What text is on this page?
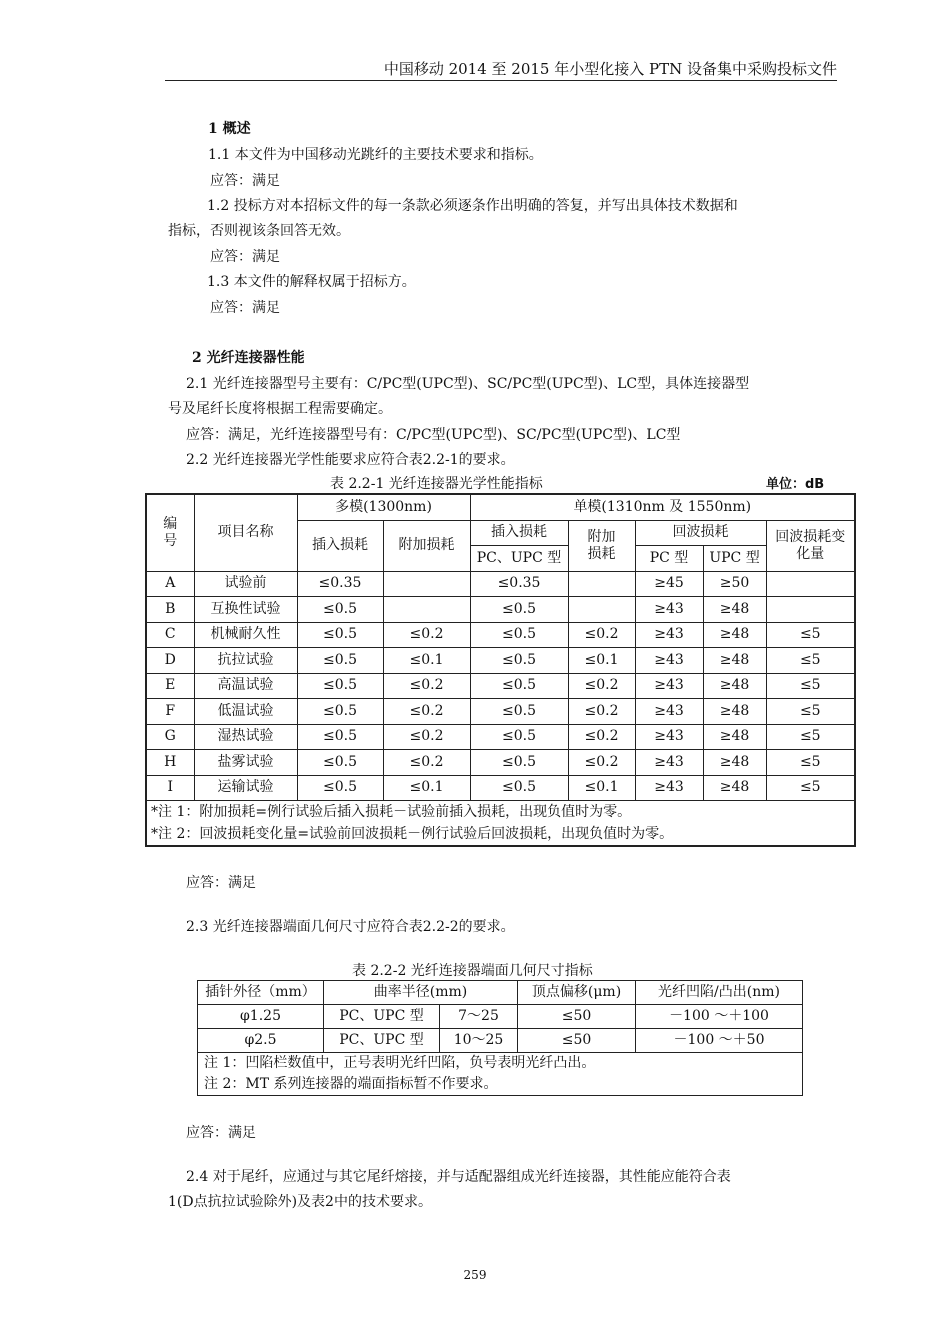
中国移动 2014 至 2015 年小型化接入 PTN 设备集中采购投标文件
1 概述
1.1 本文件为中国移动光跳纤的主要技术要求和指标。
应答：满足
1.2 投标方对本招标文件的每一条款必须逐条作出明确的答复，并写出具体技术数据和
指标，否则视该条回答无效。
应答：满足
1.3 本文件的解释权属于招标方。
应答：满足
2 光纤连接器性能
2.1 光纤连接器型号主要有：C/PC型(UPC型)、SC/PC型(UPC型)、LC型，具体连接器型
号及尾纤长度将根据工程需要确定。
应答：满足，光纤连接器型号有：C/PC型(UPC型)、SC/PC型(UPC型)、LC型
2.2 光纤连接器光学性能要求应符合表2.2-1的要求。
表 2.2-1 光纤连接器光学性能指标	单位：dB
编号	项目名称	多模(1300nm)		单模(1310nm 及 1550nm)				
		插入损耗	附加损耗	插入损耗	附加损耗	回波损耗		回波损耗变化量
				PC、UPC 型		PC 型	UPC 型	
A	试验前	≤0.35		≤0.35		≥45	≥50	
B	互换性试验	≤0.5		≤0.5		≥43	≥48	
C	机械耐久性	≤0.5	≤0.2	≤0.5	≤0.2	≥43	≥48	≤5
D	抗拉试验	≤0.5	≤0.1	≤0.5	≤0.1	≥43	≥48	≤5
E	高温试验	≤0.5	≤0.2	≤0.5	≤0.2	≥43	≥48	≤5
F	低温试验	≤0.5	≤0.2	≤0.5	≤0.2	≥43	≥48	≤5
G	湿热试验	≤0.5	≤0.2	≤0.5	≤0.2	≥43	≥48	≤5
H	盐雾试验	≤0.5	≤0.2	≤0.5	≤0.2	≥43	≥48	≤5
I	运输试验	≤0.5	≤0.1	≤0.5	≤0.1	≥43	≥48	≤5
*注 1：附加损耗=例行试验后插入损耗－试验前插入损耗，出现负值时为零。								
*注 2：回波损耗变化量=试验前回波损耗－例行试验后回波损耗，出现负值时为零。								
应答：满足
2.3 光纤连接器端面几何尺寸应符合表2.2-2的要求。
表 2.2-2 光纤连接器端面几何尺寸指标
插针外径（mm）	曲率半径(mm)		顶点偏移(μm)	光纤凹陷/凸出(nm)
φ1.25	PC、UPC 型	7～25	≤50	－100 ～＋100
φ2.5	PC、UPC 型	10～25	≤50	－100 ～＋50
注 1：凹陷栏数值中，正号表明光纤凹陷，负号表明光纤凸出。				
注 2：MT 系列连接器的端面指标暂不作要求。				
应答：满足
2.4 对于尾纤，应通过与其它尾纤熔接，并与适配器组成光纤连接器，其性能应能符合表
1(D点抗拉试验除外)及表2中的技术要求。
259
